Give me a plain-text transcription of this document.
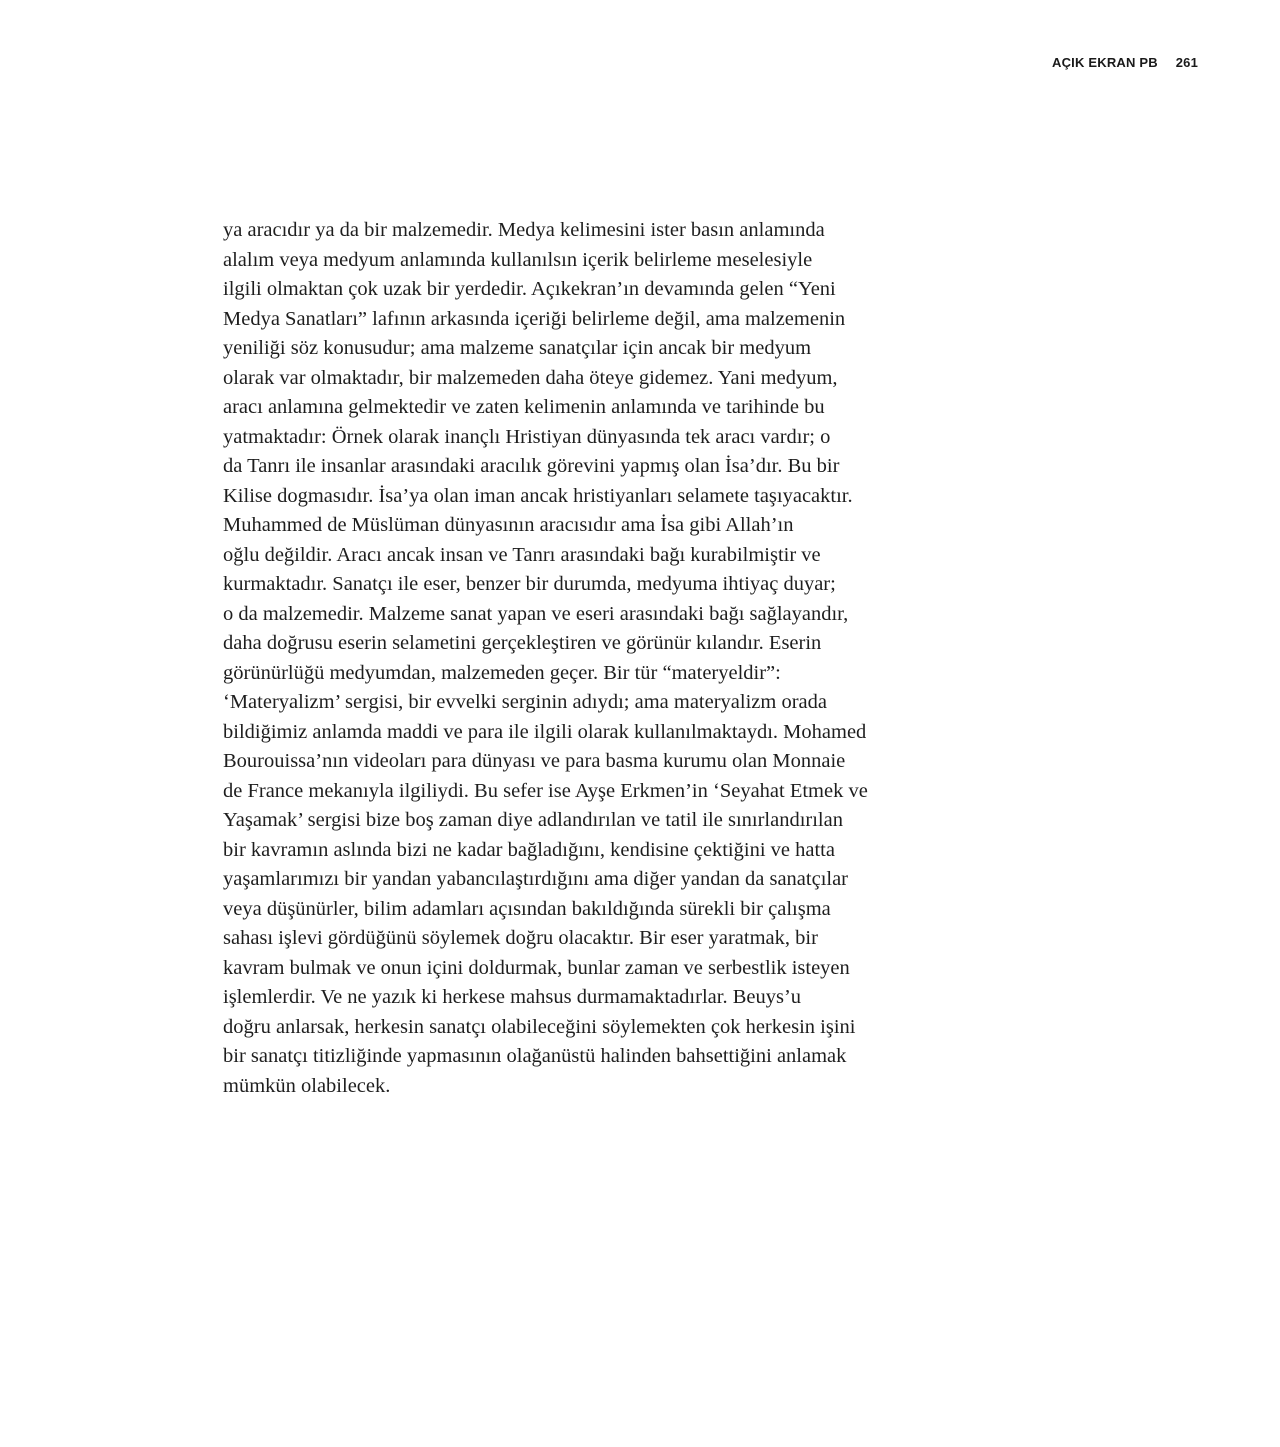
AÇIK EKRAN PB 261
ya aracıdır ya da bir malzemedir. Medya kelimesini ister basın anlamında
alalım veya medyum anlamında kullanılsın içerik belirleme meselesiyle
ilgili olmaktan çok uzak bir yerdedir. Açıkekran’ın devamında gelen “Yeni
Medya Sanatları” lafının arkasında içeriği belirleme değil, ama malzemenin
yeniliği söz konusudur; ama malzeme sanatçılar için ancak bir medyum
olarak var olmaktadır, bir malzemeden daha öteye gidemez. Yani medyum,
aracı anlamına gelmektedir ve zaten kelimenin anlamında ve tarihinde bu
yatmaktadır: Örnek olarak inançlı Hristiyan dünyasında tek aracı vardır; o
da Tanrı ile insanlar arasındaki aracılık görevini yapmış olan İsa’dır. Bu bir
Kilise dogmasıdır. İsa’ya olan iman ancak hristiyanları selamete taşıyacaktır.
Muhammed de Müslüman dünyasının aracısıdır ama İsa gibi Allah’ın
oğlu değildir. Aracı ancak insan ve Tanrı arasındaki bağı kurabilmiştir ve
kurmaktadır. Sanatçı ile eser, benzer bir durumda, medyuma ihtiyaç duyar;
o da malzemedir. Malzeme sanat yapan ve eseri arasındaki bağı sağlayandır,
daha doğrusu eserin selametini gerçekleştiren ve görünür kılandır. Eserin
görünürlüğü medyumdan, malzemeden geçer. Bir tür “materyeldir”:
‘Materyalizm’ sergisi, bir evvelki serginin adıydı; ama materyalizm orada
bildiğimiz anlamda maddi ve para ile ilgili olarak kullanılmaktaydı. Mohamed
Bourouissa’nın videoları para dünyası ve para basma kurumu olan Monnaie
de France mekanıyla ilgiliydi. Bu sefer ise Ayşe Erkmen’in ‘Seyahat Etmek ve
Yaşamak’ sergisi bize boş zaman diye adlandırılan ve tatil ile sınırlandırılan
bir kavramın aslında bizi ne kadar bağladığını, kendisine çektiğini ve hatta
yaşamlarımızı bir yandan yabancılaştırdığını ama diğer yandan da sanatçılar
veya düşünürler, bilim adamları açısından bakıldığında sürekli bir çalışma
sahası işlevi gördüğünü söylemek doğru olacaktır. Bir eser yaratmak, bir
kavram bulmak ve onun içini doldurmak, bunlar zaman ve serbestlik isteyen
işlemlerdir. Ve ne yazık ki herkese mahsus durmamaktadırlar. Beuys’u
doğru anlarsak, herkesin sanatçı olabileceğini söylemekten çok herkesin işini
bir sanatçı titizliğinde yapmasının olağanüstü halinden bahsettiğini anlamak
mümkün olabilecek.
